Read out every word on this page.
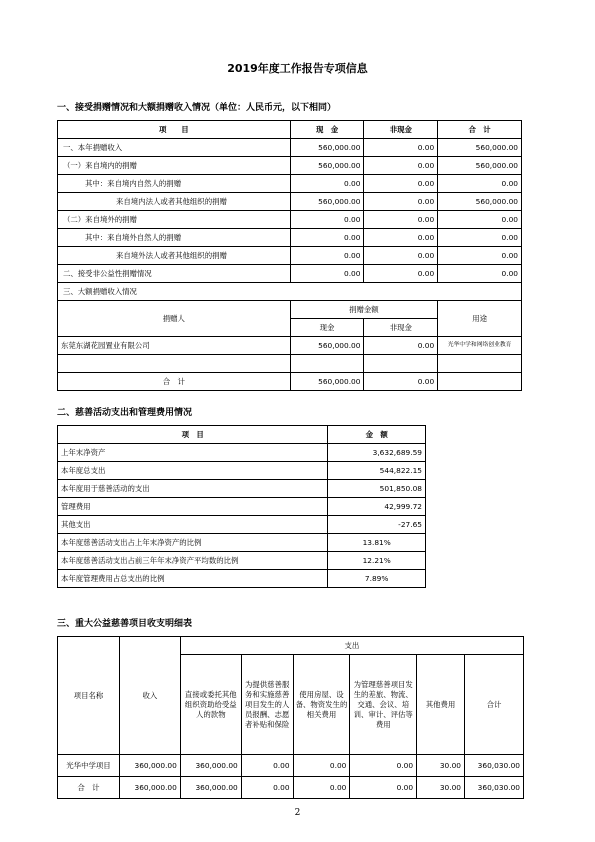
2019年度工作报告专项信息
一、接受捐赠情况和大额捐赠收入情况（单位：人民币元，以下相同）
项　　目	现　金	非现金	合　计
一、本年捐赠收入	560,000.00	0.00	560,000.00
（一）来自境内的捐赠	560,000.00	0.00	560,000.00
其中：来自境内自然人的捐赠	0.00	0.00	0.00
来自境内法人或者其他组织的捐赠	560,000.00	0.00	560,000.00
（二）来自境外的捐赠	0.00	0.00	0.00
其中：来自境外自然人的捐赠	0.00	0.00	0.00
来自境外法人或者其他组织的捐赠	0.00	0.00	0.00
二、接受非公益性捐赠情况	0.00	0.00	0.00
三、大额捐赠收入情况			
捐赠人	捐赠金额		用途
	现金	非现金	
东莞东湖花园置业有限公司	560,000.00	0.00	光华中学和网络创业教育

合　计	560,000.00	0.00	
二、慈善活动支出和管理费用情况
项　目	金　额
上年末净资产	3,632,689.59
本年度总支出	544,822.15
本年度用于慈善活动的支出	501,850.08
管理费用	42,999.72
其他支出	-27.65
本年度慈善活动支出占上年末净资产的比例	13.81%
本年度慈善活动支出占前三年年末净资产平均数的比例	12.21%
本年度管理费用占总支出的比例	7.89%
三、重大公益慈善项目收支明细表
项目名称	收入	支出					
		直接或委托其他组织资助给受益人的款物	为提供慈善服务和实施慈善项目发生的人员报酬、志愿者补贴和保险	使用房屋、设备、物资发生的相关费用	为管理慈善项目发生的差旅、物流、交通、会议、培训、审计、评估等费用	其他费用	合计
光华中学项目	360,000.00	360,000.00	0.00	0.00	0.00	30.00	360,030.00
合　计	360,000.00	360,000.00	0.00	0.00	0.00	30.00	360,030.00
2
